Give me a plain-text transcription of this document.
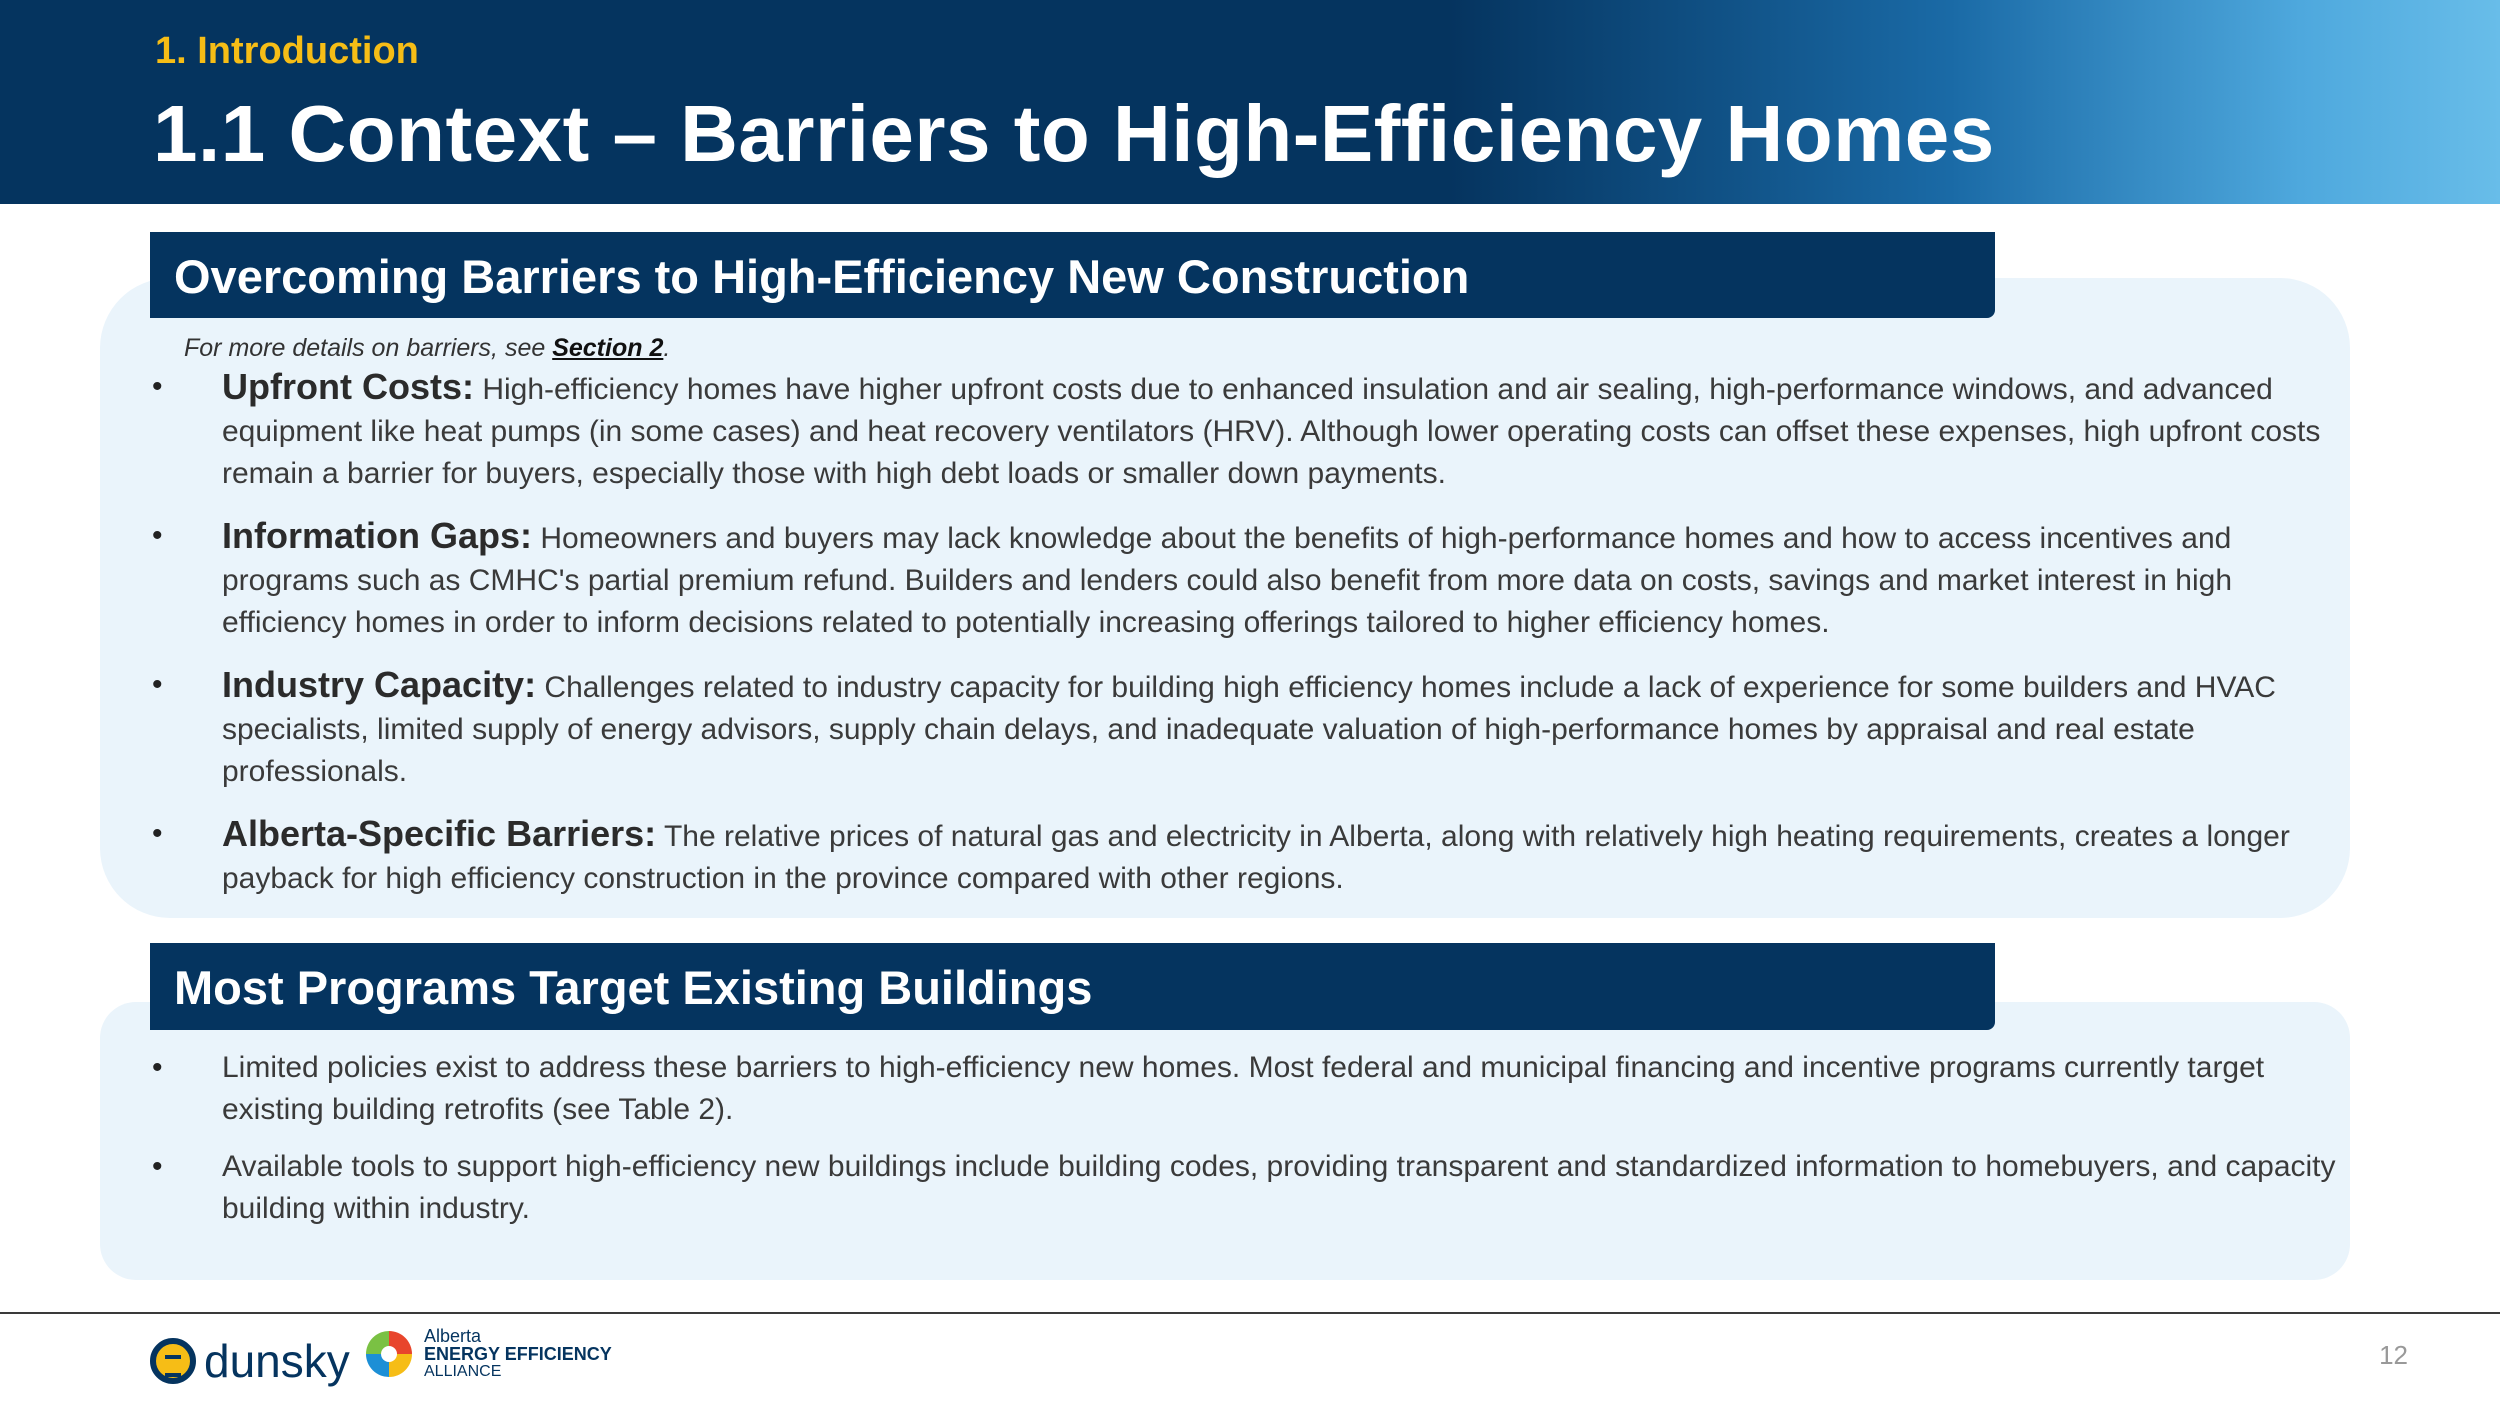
1. Introduction
1.1 Context – Barriers to High-Efficiency Homes
Overcoming Barriers to High-Efficiency New Construction
For more details on barriers, see Section 2.
• Upfront Costs: High-efficiency homes have higher upfront costs due to enhanced insulation and air sealing, high-performance windows, and advanced equipment like heat pumps (in some cases) and heat recovery ventilators (HRV). Although lower operating costs can offset these expenses, high upfront costs remain a barrier for buyers, especially those with high debt loads or smaller down payments.
• Information Gaps: Homeowners and buyers may lack knowledge about the benefits of high-performance homes and how to access incentives and programs such as CMHC's partial premium refund. Builders and lenders could also benefit from more data on costs, savings and market interest in high efficiency homes in order to inform decisions related to potentially increasing offerings tailored to higher efficiency homes.
• Industry Capacity: Challenges related to industry capacity for building high efficiency homes include a lack of experience for some builders and HVAC specialists, limited supply of energy advisors, supply chain delays, and inadequate valuation of high-performance homes by appraisal and real estate professionals.
• Alberta-Specific Barriers: The relative prices of natural gas and electricity in Alberta, along with relatively high heating requirements, creates a longer payback for high efficiency construction in the province compared with other regions.
Most Programs Target Existing Buildings
• Limited policies exist to address these barriers to high-efficiency new homes. Most federal and municipal financing and incentive programs currently target existing building retrofits (see Table 2).
• Available tools to support high-efficiency new buildings include building codes, providing transparent and standardized information to homebuyers, and capacity building within industry.
dunsky	Alberta
ENERGY EFFICIENCY
ALLIANCE
12
